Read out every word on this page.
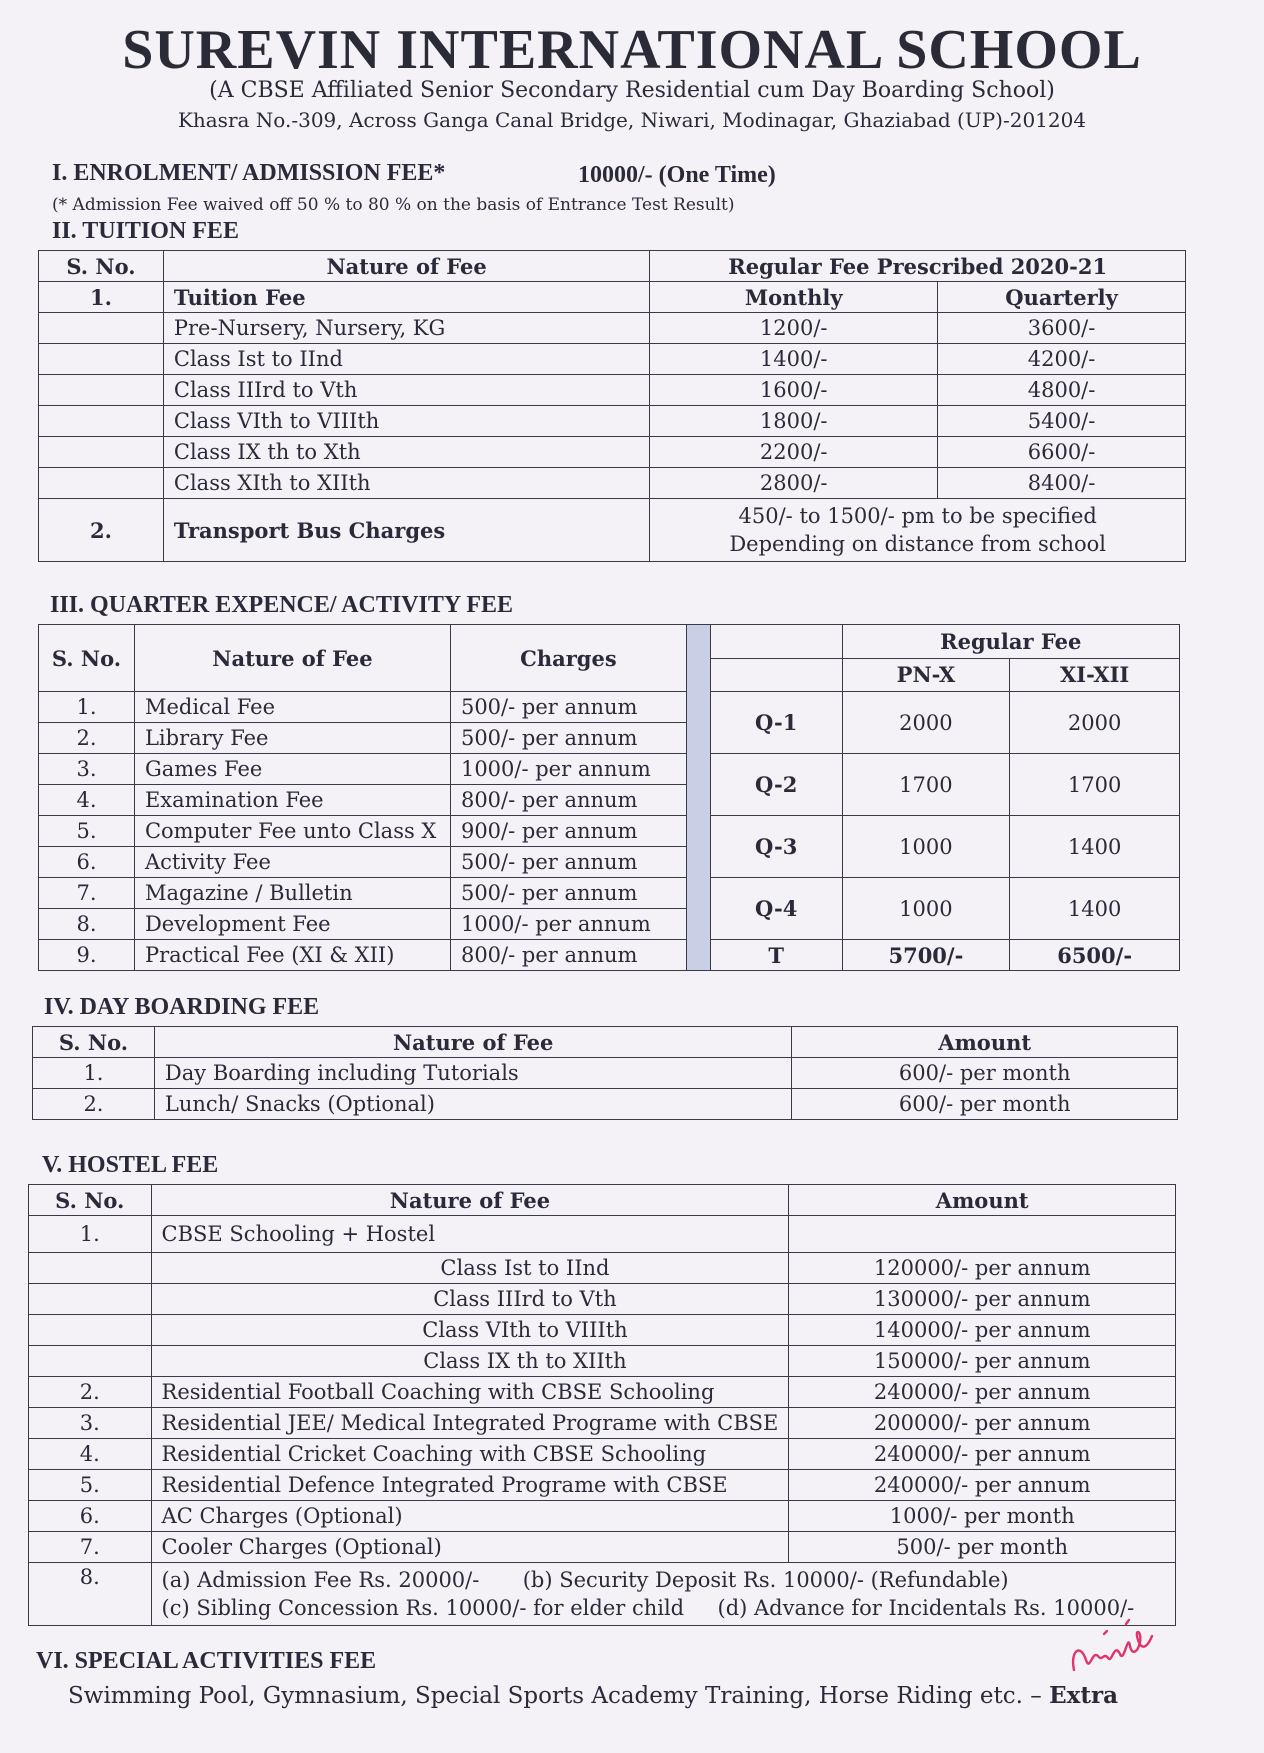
SUREVIN INTERNATIONAL SCHOOL
(A CBSE Affiliated Senior Secondary Residential cum Day Boarding School)
Khasra No.-309, Across Ganga Canal Bridge, Niwari, Modinagar, Ghaziabad (UP)-201204
I. ENROLMENT/ ADMISSION FEE*	10000/- (One Time)
(* Admission Fee waived off 50 % to 80 % on the basis of Entrance Test Result)
II. TUITION FEE
S. No.	Nature of Fee	Regular Fee Prescribed 2020-21	
1.	Tuition Fee	Monthly	Quarterly
	Pre-Nursery, Nursery, KG	1200/-	3600/-
	Class Ist to IInd	1400/-	4200/-
	Class IIIrd to Vth	1600/-	4800/-
	Class VIth to VIIIth	1800/-	5400/-
	Class IX th to Xth	2200/-	6600/-
	Class XIth to XIIth	2800/-	8400/-
2.	Transport Bus Charges	450/- to 1500/- pm to be specified
Depending on distance from school	
III. QUARTER EXPENCE/ ACTIVITY FEE
S. No.	Nature of Fee	Charges			Regular Fee	
					PN-X	XI-XII
1.	Medical Fee	500/- per annum		Q-1	2000	2000
2.	Library Fee	500/- per annum				
3.	Games Fee	1000/- per annum		Q-2	1700	1700
4.	Examination Fee	800/- per annum				
5.	Computer Fee unto Class X	900/- per annum		Q-3	1000	1400
6.	Activity Fee	500/- per annum				
7.	Magazine / Bulletin	500/- per annum		Q-4	1000	1400
8.	Development Fee	1000/- per annum				
9.	Practical Fee (XI & XII)	800/- per annum		T	5700/-	6500/-
IV. DAY BOARDING FEE
S. No.	Nature of Fee	Amount
1.	Day Boarding including Tutorials	600/- per month
2.	Lunch/ Snacks (Optional)	600/- per month
V. HOSTEL FEE
S. No.	Nature of Fee	Amount
1.	CBSE Schooling + Hostel	
	Class Ist to IInd	120000/- per annum
	Class IIIrd to Vth	130000/- per annum
	Class VIth to VIIIth	140000/- per annum
	Class IX th to XIIth	150000/- per annum
2.	Residential Football Coaching with CBSE Schooling	240000/- per annum
3.	Residential JEE/ Medical Integrated Programe with CBSE	200000/- per annum
4.	Residential Cricket Coaching with CBSE Schooling	240000/- per annum
5.	Residential Defence Integrated Programe with CBSE	240000/- per annum
6.	AC Charges (Optional)	1000/- per month
7.	Cooler Charges (Optional)	500/- per month
8.	(a) Admission Fee Rs. 20000/- (b) Security Deposit Rs. 10000/- (Refundable)
(c) Sibling Concession Rs. 10000/- for elder child (d) Advance for Incidentals Rs. 10000/-	
VI. SPECIAL ACTIVITIES FEE
Swimming Pool, Gymnasium, Special Sports Academy Training, Horse Riding etc. – Extra
